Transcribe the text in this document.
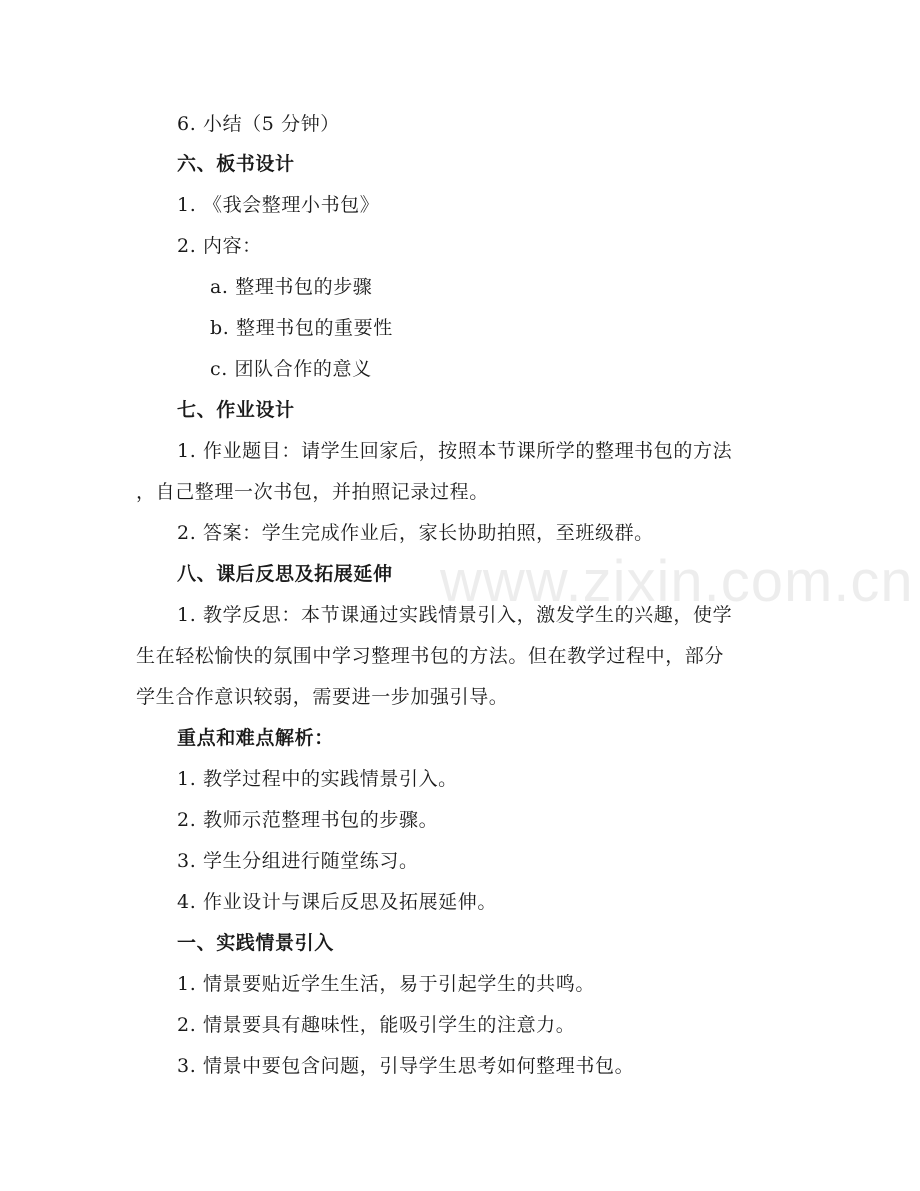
6. 小结（5 分钟）
六、板书设计
1. 《我会整理小书包》
2. 内容：
a. 整理书包的步骤
b. 整理书包的重要性
c. 团队合作的意义
七、作业设计
1. 作业题目：请学生回家后，按照本节课所学的整理书包的方法
，自己整理一次书包，并拍照记录过程。
2. 答案：学生完成作业后，家长协助拍照，至班级群。
八、课后反思及拓展延伸
1. 教学反思：本节课通过实践情景引入，激发学生的兴趣，使学
生在轻松愉快的氛围中学习整理书包的方法。但在教学过程中，部分
学生合作意识较弱，需要进一步加强引导。
重点和难点解析：
1. 教学过程中的实践情景引入。
2. 教师示范整理书包的步骤。
3. 学生分组进行随堂练习。
4. 作业设计与课后反思及拓展延伸。
一、实践情景引入
1. 情景要贴近学生生活，易于引起学生的共鸣。
2. 情景要具有趣味性，能吸引学生的注意力。
3. 情景中要包含问题，引导学生思考如何整理书包。
www.zixin.com.cn
